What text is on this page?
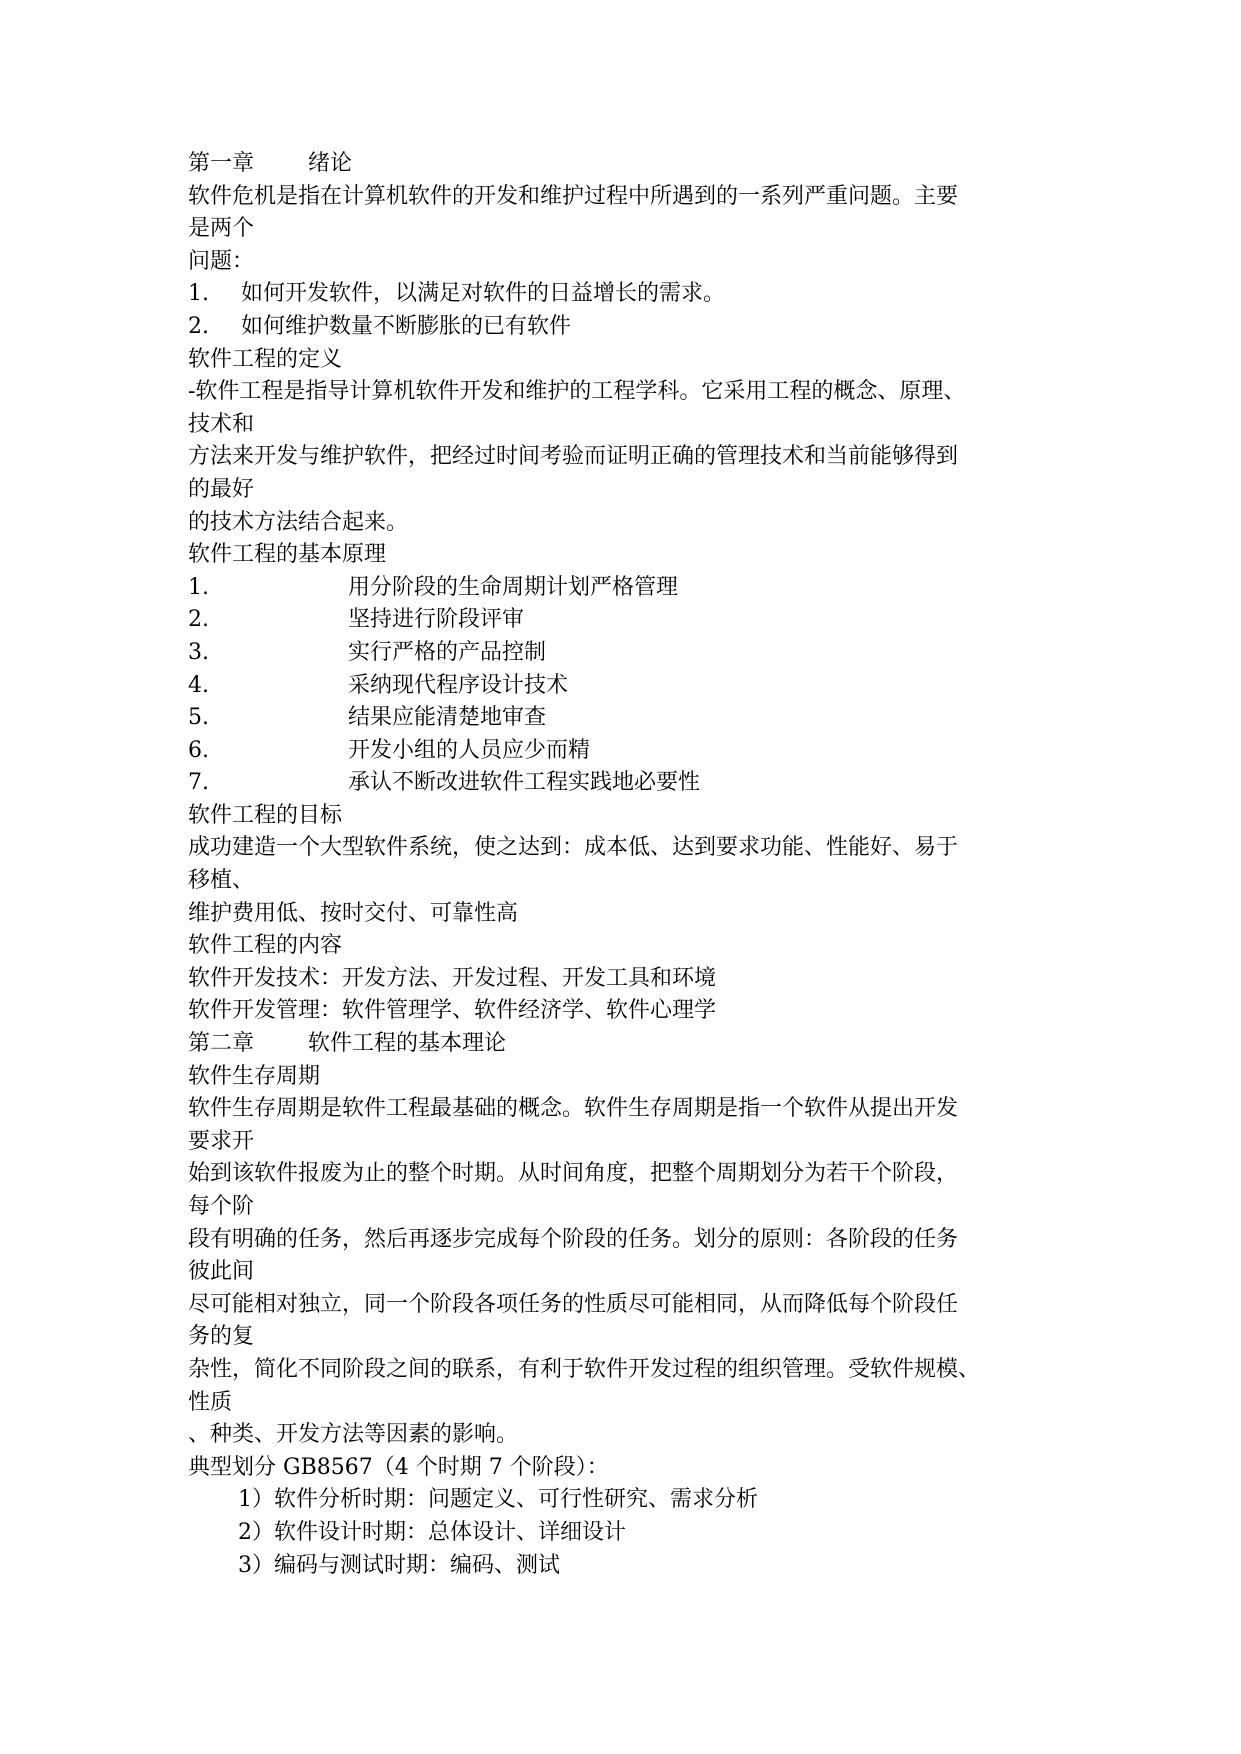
第一章 绪论
软件危机是指在计算机软件的开发和维护过程中所遇到的一系列严重问题。主要
是两个
问题：
1. 如何开发软件，以满足对软件的日益增长的需求。
2. 如何维护数量不断膨胀的已有软件
软件工程的定义
-软件工程是指导计算机软件开发和维护的工程学科。它采用工程的概念、原理、
技术和
方法来开发与维护软件，把经过时间考验而证明正确的管理技术和当前能够得到
的最好
的技术方法结合起来。
软件工程的基本原理
1.	用分阶段的生命周期计划严格管理
2.	坚持进行阶段评审
3.	实行严格的产品控制
4.	采纳现代程序设计技术
5.	结果应能清楚地审查
6.	开发小组的人员应少而精
7.	承认不断改进软件工程实践地必要性
软件工程的目标
成功建造一个大型软件系统，使之达到：成本低、达到要求功能、性能好、易于
移植、
维护费用低、按时交付、可靠性高
软件工程的内容
软件开发技术：开发方法、开发过程、开发工具和环境
软件开发管理：软件管理学、软件经济学、软件心理学
第二章 软件工程的基本理论
软件生存周期
软件生存周期是软件工程最基础的概念。软件生存周期是指一个软件从提出开发
要求开
始到该软件报废为止的整个时期。从时间角度，把整个周期划分为若干个阶段，
每个阶
段有明确的任务，然后再逐步完成每个阶段的任务。划分的原则：各阶段的任务
彼此间
尽可能相对独立，同一个阶段各项任务的性质尽可能相同，从而降低每个阶段任
务的复
杂性，简化不同阶段之间的联系，有利于软件开发过程的组织管理。受软件规模、
性质
、种类、开发方法等因素的影响。
典型划分 GB8567（4 个时期 7 个阶段）：
1）软件分析时期：问题定义、可行性研究、需求分析
2）软件设计时期：总体设计、详细设计
3）编码与测试时期：编码、测试
